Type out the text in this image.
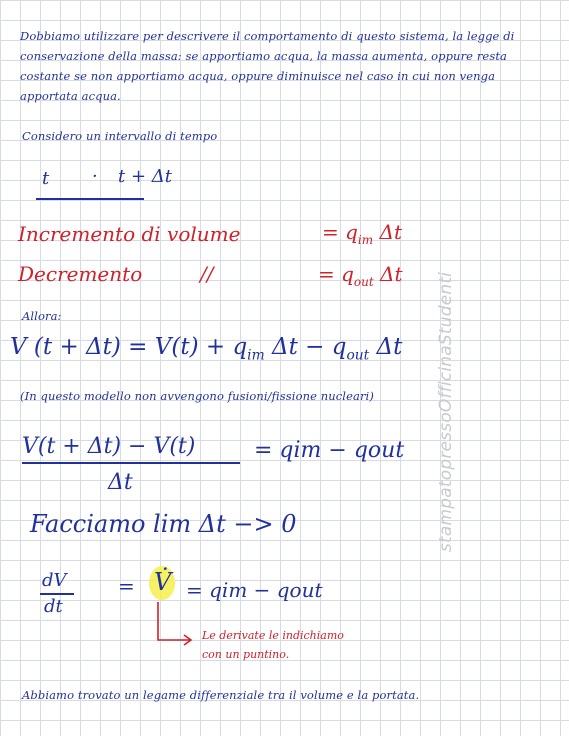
Dobbiamo utilizzare per descrivere il comportamento di questo sistema, la legge di conservazione della massa: se apportiamo acqua, la massa aumenta, oppure resta costante se non apportiamo acqua, oppure diminuisce nel caso in cui non venga apportata acqua.
Considero un intervallo di tempo
t · t + Δt
Incremento di volume	= $q_{im}$ Δt
Decremento	//	= $q_{out}$ Δt
Allora:
V $(t + \Delta t) = V(t) + q_{im}$ $\Delta t - q_{out}$ Δt
(In questo modello non avvengono fusioni/fissione nucleari)
V(t + Δt) − V(t)
Δt
= qim − qout
Facciamo lim Δt −> 0
dV
dt
= V̇ = qim − qout
Le derivate le indichiamo
con un puntino.
Abbiamo trovato un legame differenziale tra il volume e la portata.
stampatopressoOfficinaStudenti
